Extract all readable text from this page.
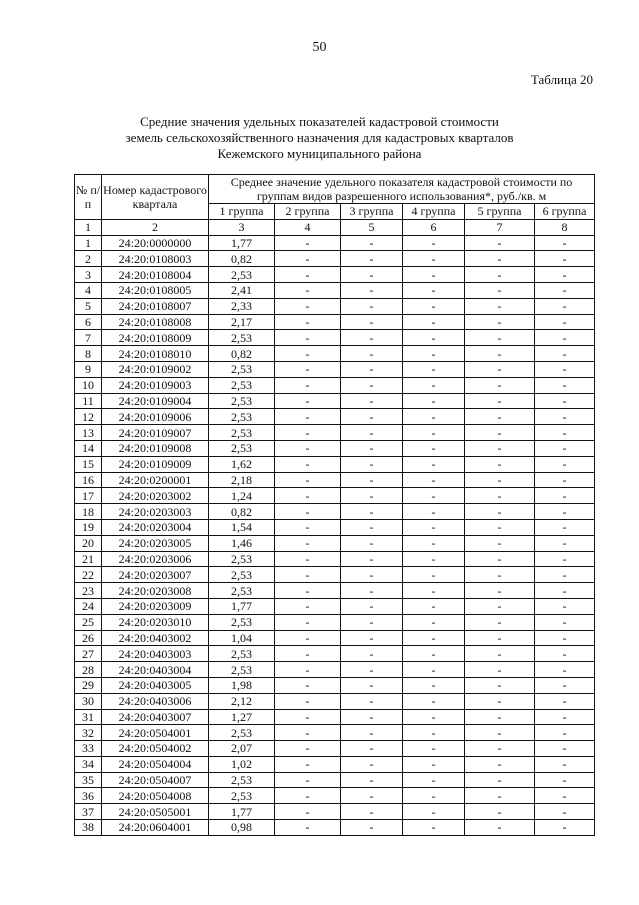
50
Таблица 20
Средние значения удельных показателей кадастровой стоимости
земель сельскохозяйственного назначения для кадастровых кварталов
Кежемского муниципального района
№ п/п	Номер кадастрового квартала	Среднее значение удельного показателя кадастровой стоимости по группам видов разрешенного использования*, руб./кв. м					
		1 группа	2 группа	3 группа	4 группа	5 группа	6 группа
1	2	3	4	5	6	7	8
1	24:20:0000000	1,77	-	-	-	-	-
2	24:20:0108003	0,82	-	-	-	-	-
3	24:20:0108004	2,53	-	-	-	-	-
4	24:20:0108005	2,41	-	-	-	-	-
5	24:20:0108007	2,33	-	-	-	-	-
6	24:20:0108008	2,17	-	-	-	-	-
7	24:20:0108009	2,53	-	-	-	-	-
8	24:20:0108010	0,82	-	-	-	-	-
9	24:20:0109002	2,53	-	-	-	-	-
10	24:20:0109003	2,53	-	-	-	-	-
11	24:20:0109004	2,53	-	-	-	-	-
12	24:20:0109006	2,53	-	-	-	-	-
13	24:20:0109007	2,53	-	-	-	-	-
14	24:20:0109008	2,53	-	-	-	-	-
15	24:20:0109009	1,62	-	-	-	-	-
16	24:20:0200001	2,18	-	-	-	-	-
17	24:20:0203002	1,24	-	-	-	-	-
18	24:20:0203003	0,82	-	-	-	-	-
19	24:20:0203004	1,54	-	-	-	-	-
20	24:20:0203005	1,46	-	-	-	-	-
21	24:20:0203006	2,53	-	-	-	-	-
22	24:20:0203007	2,53	-	-	-	-	-
23	24:20:0203008	2,53	-	-	-	-	-
24	24:20:0203009	1,77	-	-	-	-	-
25	24:20:0203010	2,53	-	-	-	-	-
26	24:20:0403002	1,04	-	-	-	-	-
27	24:20:0403003	2,53	-	-	-	-	-
28	24:20:0403004	2,53	-	-	-	-	-
29	24:20:0403005	1,98	-	-	-	-	-
30	24:20:0403006	2,12	-	-	-	-	-
31	24:20:0403007	1,27	-	-	-	-	-
32	24:20:0504001	2,53	-	-	-	-	-
33	24:20:0504002	2,07	-	-	-	-	-
34	24:20:0504004	1,02	-	-	-	-	-
35	24:20:0504007	2,53	-	-	-	-	-
36	24:20:0504008	2,53	-	-	-	-	-
37	24:20:0505001	1,77	-	-	-	-	-
38	24:20:0604001	0,98	-	-	-	-	-
